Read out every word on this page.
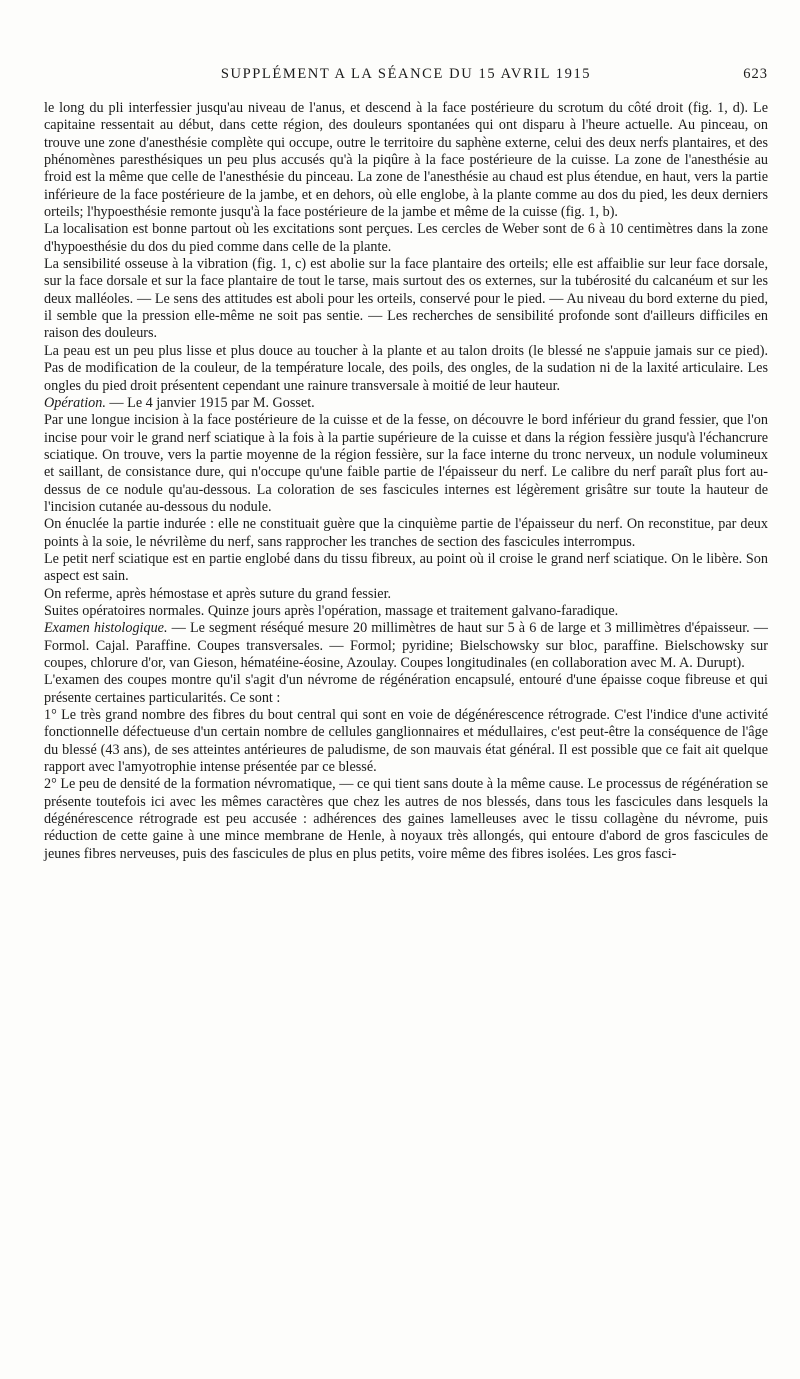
SUPPLÉMENT A LA SÉANCE DU 15 AVRIL 1915	623

le long du pli interfessier jusqu'au niveau de l'anus, et descend à la face postérieure du scrotum du côté droit (fig. 1, d). Le capitaine ressentait au début, dans cette région, des douleurs spontanées qui ont disparu à l'heure actuelle. Au pinceau, on trouve une zone d'anesthésie complète qui occupe, outre le territoire du saphène externe, celui des deux nerfs plantaires, et des phénomènes paresthésiques un peu plus accusés qu'à la piqûre à la face postérieure de la cuisse. La zone de l'anesthésie au froid est la même que celle de l'anesthésie du pinceau. La zone de l'anesthésie au chaud est plus étendue, en haut, vers la partie inférieure de la face postérieure de la jambe, et en dehors, où elle englobe, à la plante comme au dos du pied, les deux derniers orteils; l'hypoesthésie remonte jusqu'à la face postérieure de la jambe et même de la cuisse (fig. 1, b).

La localisation est bonne partout où les excitations sont perçues. Les cercles de Weber sont de 6 à 10 centimètres dans la zone d'hypoesthésie du dos du pied comme dans celle de la plante.

La sensibilité osseuse à la vibration (fig. 1, c) est abolie sur la face plantaire des orteils; elle est affaiblie sur leur face dorsale, sur la face dorsale et sur la face plantaire de tout le tarse, mais surtout des os externes, sur la tubérosité du calcanéum et sur les deux malléoles. — Le sens des attitudes est aboli pour les orteils, conservé pour le pied. — Au niveau du bord externe du pied, il semble que la pression elle-même ne soit pas sentie. — Les recherches de sensibilité profonde sont d'ailleurs difficiles en raison des douleurs.

La peau est un peu plus lisse et plus douce au toucher à la plante et au talon droits (le blessé ne s'appuie jamais sur ce pied). Pas de modification de la couleur, de la température locale, des poils, des ongles, de la sudation ni de la laxité articulaire. Les ongles du pied droit présentent cependant une rainure transversale à moitié de leur hauteur.

Opération. — Le 4 janvier 1915 par M. Gosset.

Par une longue incision à la face postérieure de la cuisse et de la fesse, on découvre le bord inférieur du grand fessier, que l'on incise pour voir le grand nerf sciatique à la fois à la partie supérieure de la cuisse et dans la région fessière jusqu'à l'échancrure sciatique. On trouve, vers la partie moyenne de la région fessière, sur la face interne du tronc nerveux, un nodule volumineux et saillant, de consistance dure, qui n'occupe qu'une faible partie de l'épaisseur du nerf. Le calibre du nerf paraît plus fort au-dessus de ce nodule qu'au-dessous. La coloration de ses fascicules internes est légèrement grisâtre sur toute la hauteur de l'incision cutanée au-dessous du nodule.

On énuclée la partie indurée : elle ne constituait guère que la cinquième partie de l'épaisseur du nerf. On reconstitue, par deux points à la soie, le névrilème du nerf, sans rapprocher les tranches de section des fascicules interrompus.

Le petit nerf sciatique est en partie englobé dans du tissu fibreux, au point où il croise le grand nerf sciatique. On le libère. Son aspect est sain.

On referme, après hémostase et après suture du grand fessier.

Suites opératoires normales. Quinze jours après l'opération, massage et traitement galvano-faradique.

Examen histologique. — Le segment réséqué mesure 20 millimètres de haut sur 5 à 6 de large et 3 millimètres d'épaisseur. — Formol. Cajal. Paraffine. Coupes transversales. — Formol; pyridine; Bielschowsky sur bloc, paraffine. Bielschowsky sur coupes, chlorure d'or, van Gieson, hématéine-éosine, Azoulay. Coupes longitudinales (en collaboration avec M. A. Durupt).

L'examen des coupes montre qu'il s'agit d'un névrome de régénération encapsulé, entouré d'une épaisse coque fibreuse et qui présente certaines particularités. Ce sont :

1° Le très grand nombre des fibres du bout central qui sont en voie de dégénérescence rétrograde. C'est l'indice d'une activité fonctionnelle défectueuse d'un certain nombre de cellules ganglionnaires et médullaires, c'est peut-être la conséquence de l'âge du blessé (43 ans), de ses atteintes antérieures de paludisme, de son mauvais état général. Il est possible que ce fait ait quelque rapport avec l'amyotrophie intense présentée par ce blessé.

2° Le peu de densité de la formation névromatique, — ce qui tient sans doute à la même cause. Le processus de régénération se présente toutefois ici avec les mêmes caractères que chez les autres de nos blessés, dans tous les fascicules dans lesquels la dégénérescence rétrograde est peu accusée : adhérences des gaines lamelleuses avec le tissu collagène du névrome, puis réduction de cette gaine à une mince membrane de Henle, à noyaux très allongés, qui entoure d'abord de gros fascicules de jeunes fibres nerveuses, puis des fascicules de plus en plus petits, voire même des fibres isolées. Les gros fasci-
